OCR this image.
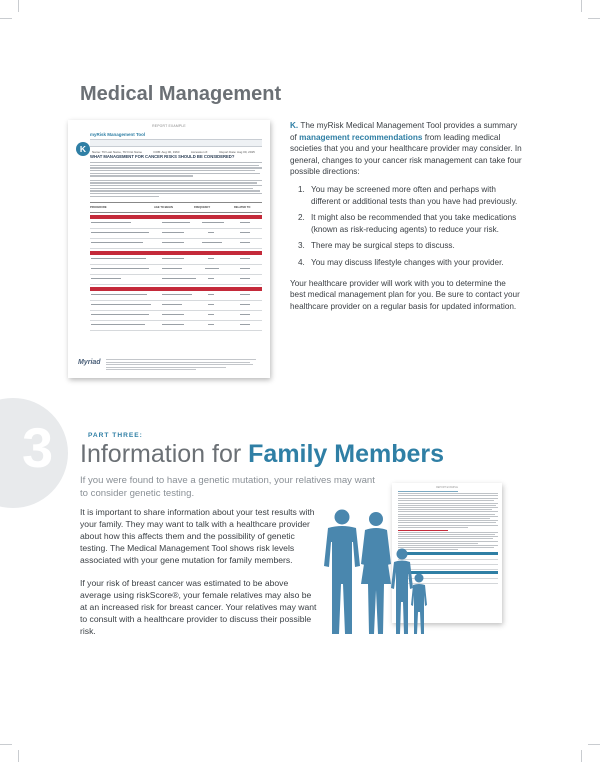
Medical Management
REPORT EXAMPLE
myRisk Management Tool
Name: TR Last Name, TR First Name	DOB: Aug 00, 1960	Accession #:	Report Date: Aug 00, 2015
WHAT MANAGEMENT FOR CANCER RISKS SHOULD BE CONSIDERED?
PROCEDURE	AGE TO BEGIN	FREQUENCY	RELATED TO
Myriad
K

K. The myRisk Medical Management Tool provides a summary of management recommendations from leading medical societies that you and your healthcare provider may consider. In general, changes to your cancer risk management can take four possible directions:

1. You may be screened more often and perhaps with different or additional tests than you have had previously.
2. It might also be recommended that you take medications (known as risk-reducing agents) to reduce your risk.
3. There may be surgical steps to discuss.
4. You may discuss lifestyle changes with your provider.

Your healthcare provider will work with you to determine the best medical management plan for you. Be sure to contact your healthcare provider on a regular basis for updated information.

3	PART THREE:
Information for Family Members
If you were found to have a genetic mutation, your relatives may want to consider genetic testing.

It is important to share information about your test results with your family. They may want to talk with a healthcare provider about how this affects them and the possibility of genetic testing. The Medical Management Tool shows risk levels associated with your gene mutation for family members.

If your risk of breast cancer was estimated to be above average using riskScore®, your female relatives may also be at an increased risk for breast cancer. Your relatives may want to consult with a healthcare provider to discuss their possible risk.

REPORT EXAMPLE
